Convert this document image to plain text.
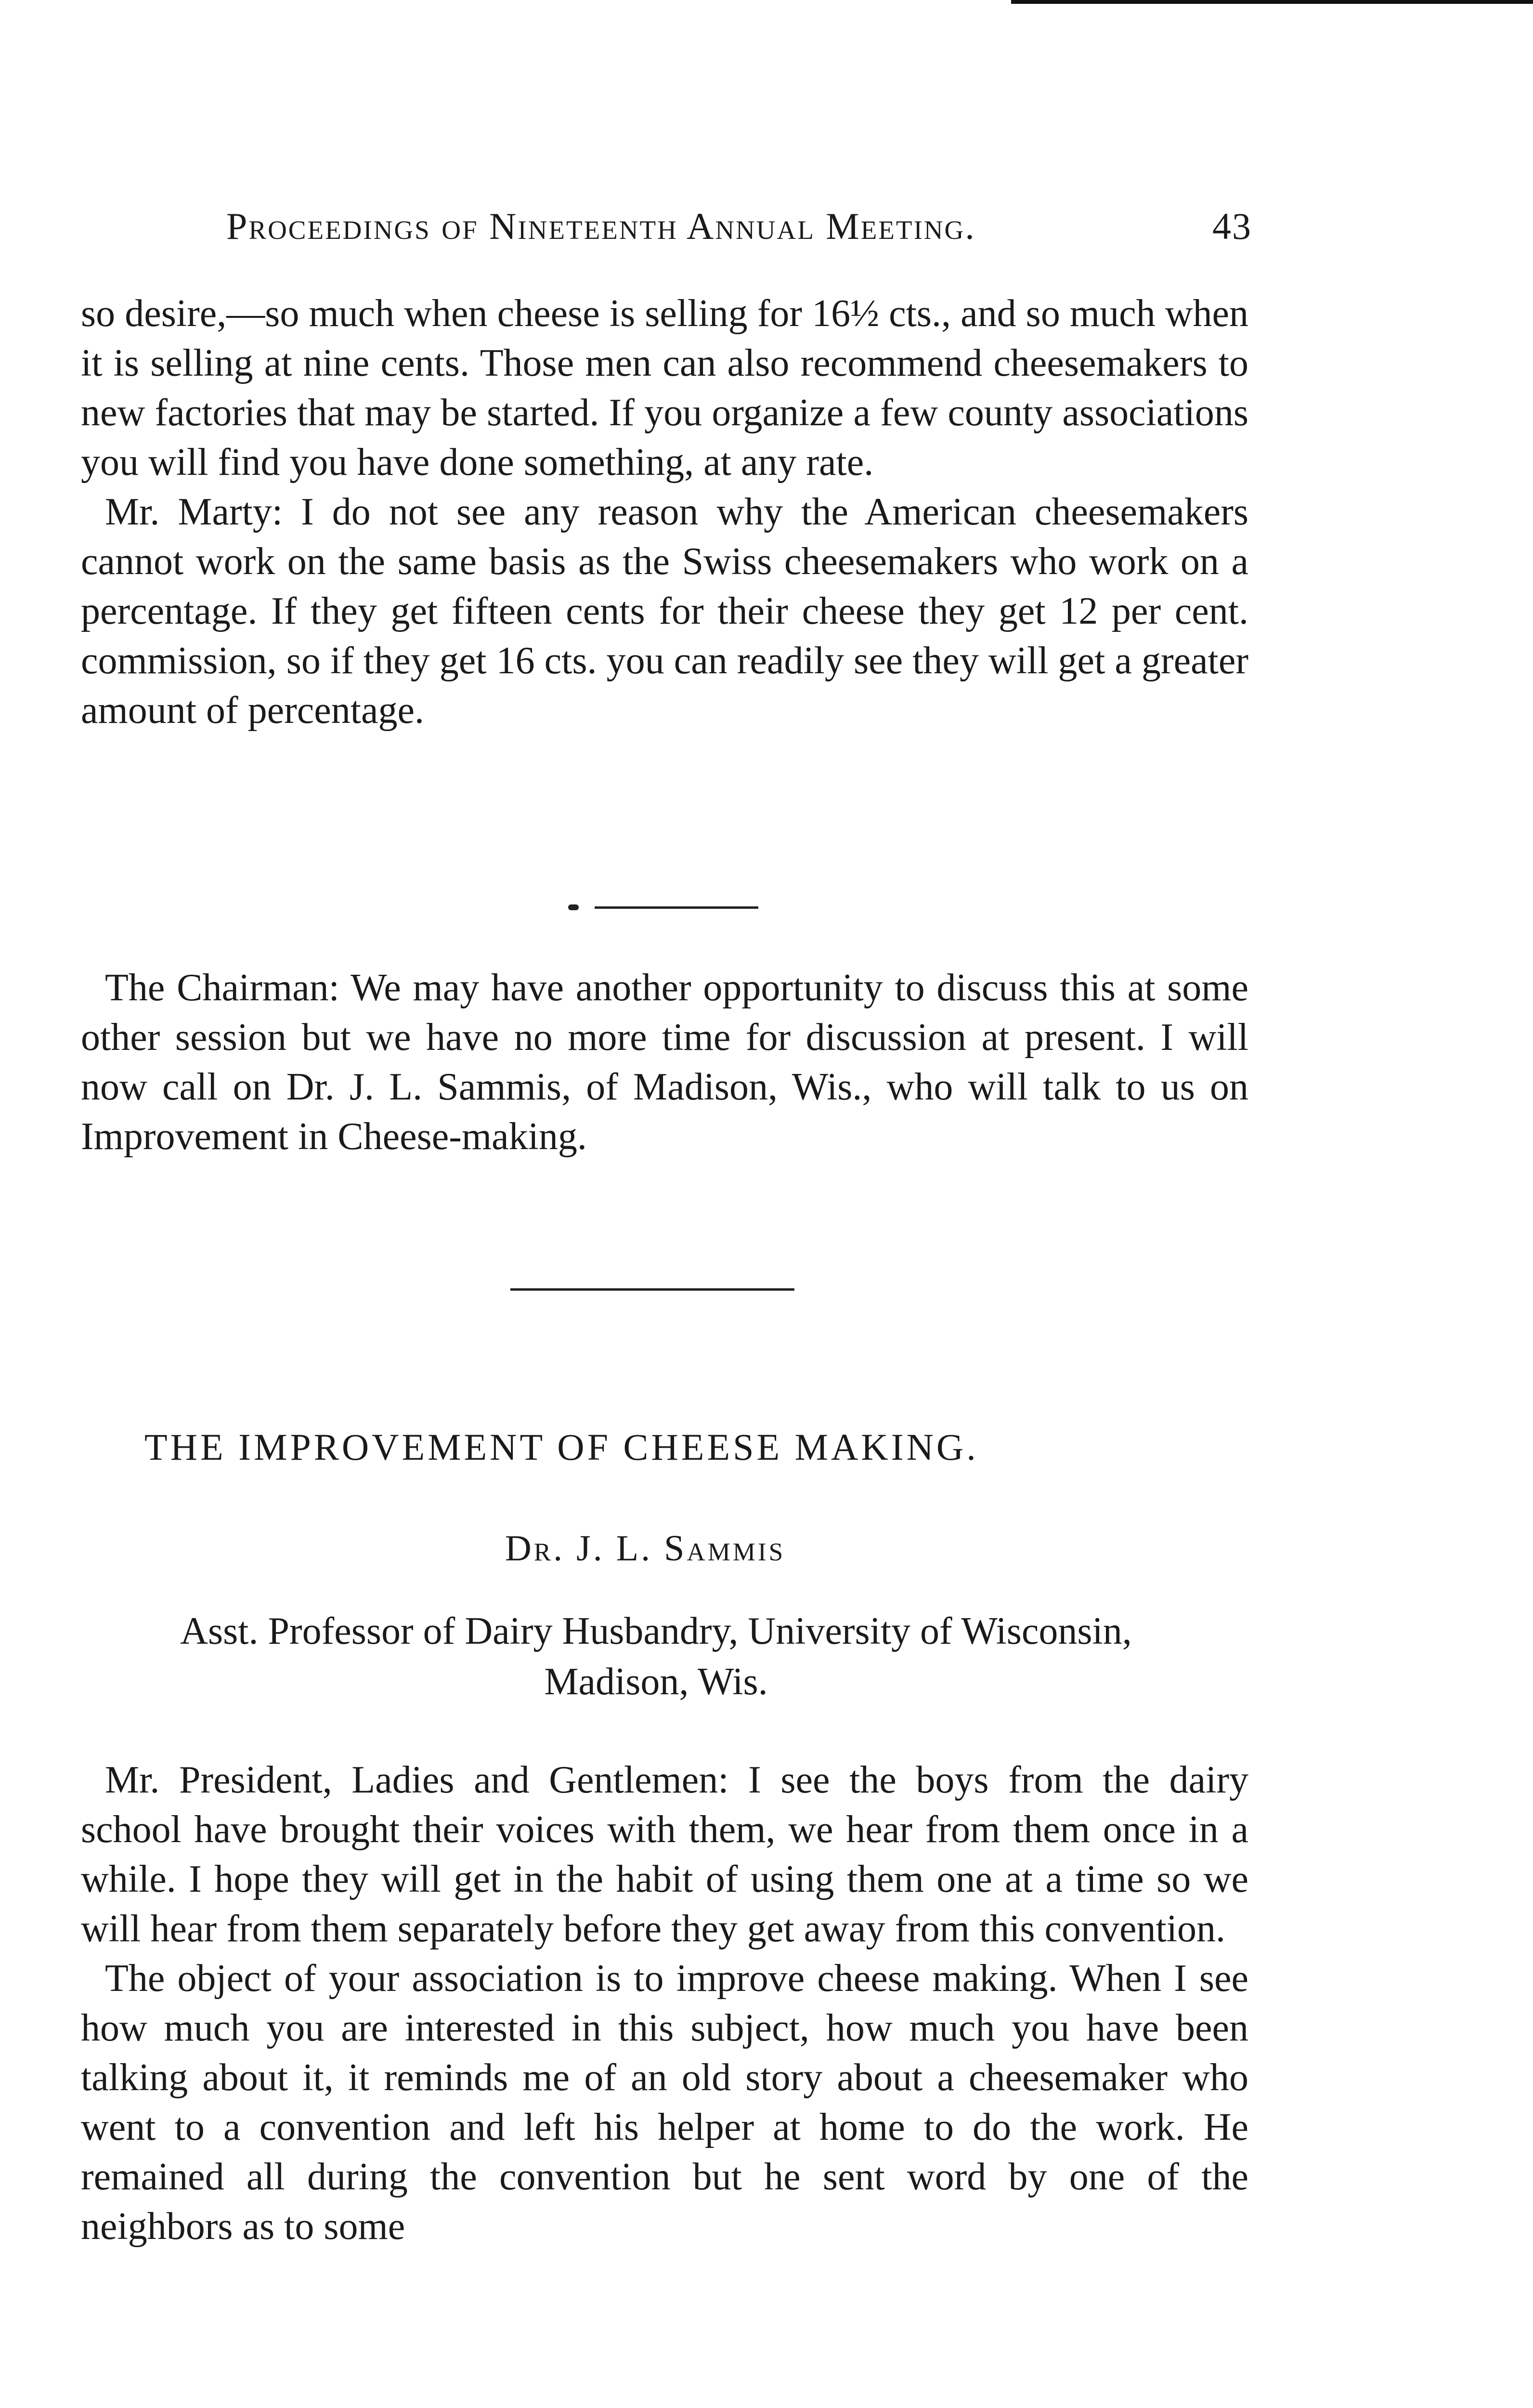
Proceedings of Nineteenth Annual Meeting.	43

so desire,—so much when cheese is selling for 16½ cts., and so much when it is selling at nine cents. Those men can also recommend cheesemakers to new factories that may be started. If you organize a few county associations you will find you have done something, at any rate.

Mr. Marty: I do not see any reason why the American cheesemakers cannot work on the same basis as the Swiss cheesemakers who work on a percentage. If they get fifteen cents for their cheese they get 12 per cent. commission, so if they get 16 cts. you can readily see they will get a greater amount of percentage.

The Chairman: We may have another opportunity to discuss this at some other session but we have no more time for discussion at present. I will now call on Dr. J. L. Sammis, of Madison, Wis., who will talk to us on Improvement in Cheese-making.

THE IMPROVEMENT OF CHEESE MAKING.
Dr. J. L. Sammis
Asst. Professor of Dairy Husbandry, University of Wisconsin,
Madison, Wis.

Mr. President, Ladies and Gentlemen: I see the boys from the dairy school have brought their voices with them, we hear from them once in a while. I hope they will get in the habit of using them one at a time so we will hear from them separately before they get away from this convention.

The object of your association is to improve cheese making. When I see how much you are interested in this subject, how much you have been talking about it, it reminds me of an old story about a cheesemaker who went to a convention and left his helper at home to do the work. He remained all during the convention but he sent word by one of the neighbors as to some
